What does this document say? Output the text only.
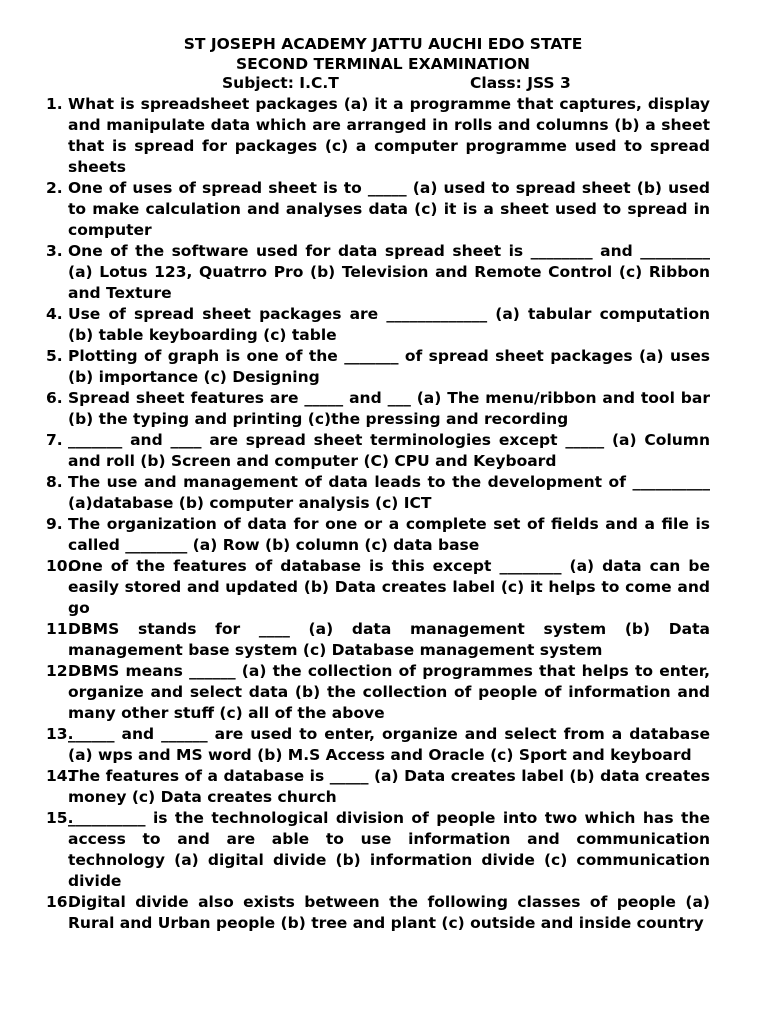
ST JOSEPH ACADEMY JATTU AUCHI EDO STATE
SECOND TERMINAL EXAMINATION
Subject: I.C.T	Class: JSS 3
1. What is spreadsheet packages (a) it a programme that captures, display and manipulate data which are arranged in rolls and columns (b) a sheet that is spread for packages (c) a computer programme used to spread sheets
2. One of uses of spread sheet is to _____ (a) used to spread sheet (b) used to make calculation and analyses data (c) it is a sheet used to spread in computer
3. One of the software used for data spread sheet is ________ and _________ (a) Lotus 123, Quatrro Pro (b) Television and Remote Control (c) Ribbon and Texture
4. Use of spread sheet packages are _____________ (a) tabular computation (b) table keyboarding (c) table
5. Plotting of graph is one of the _______ of spread sheet packages (a) uses (b) importance (c) Designing
6. Spread sheet features are _____ and ___ (a) The menu/ribbon and tool bar (b) the typing and printing (c)the pressing and recording
7. _______ and ____ are spread sheet terminologies except _____ (a) Column and roll (b) Screen and computer (C) CPU and Keyboard
8. The use and management of data leads to the development of __________ (a)database (b) computer analysis (c) ICT
9. The organization of data for one or a complete set of fields and a file is called ________ (a) Row (b) column (c) data base
10.
One of the features of database is this except ________ (a) data can be easily stored and updated (b) Data creates label (c) it helps to come and go
11.
DBMS stands for ____ (a) data management system (b) Data management base system (c) Database management system
12.
DBMS means ______ (a) the collection of programmes that helps to enter, organize and select data (b) the collection of people of information and many other stuff (c) all of the above
13.
______ and ______ are used to enter, organize and select from a database (a) wps and MS word (b) M.S Access and Oracle (c) Sport and keyboard
14.
The features of a database is _____ (a) Data creates label (b) data creates money (c) Data creates church
15.
__________ is the technological division of people into two which has the access to and are able to use information and communication technology (a) digital divide (b) information divide (c) communication divide
16.
Digital divide also exists between the following classes of people (a) Rural and Urban people (b) tree and plant (c) outside and inside country
